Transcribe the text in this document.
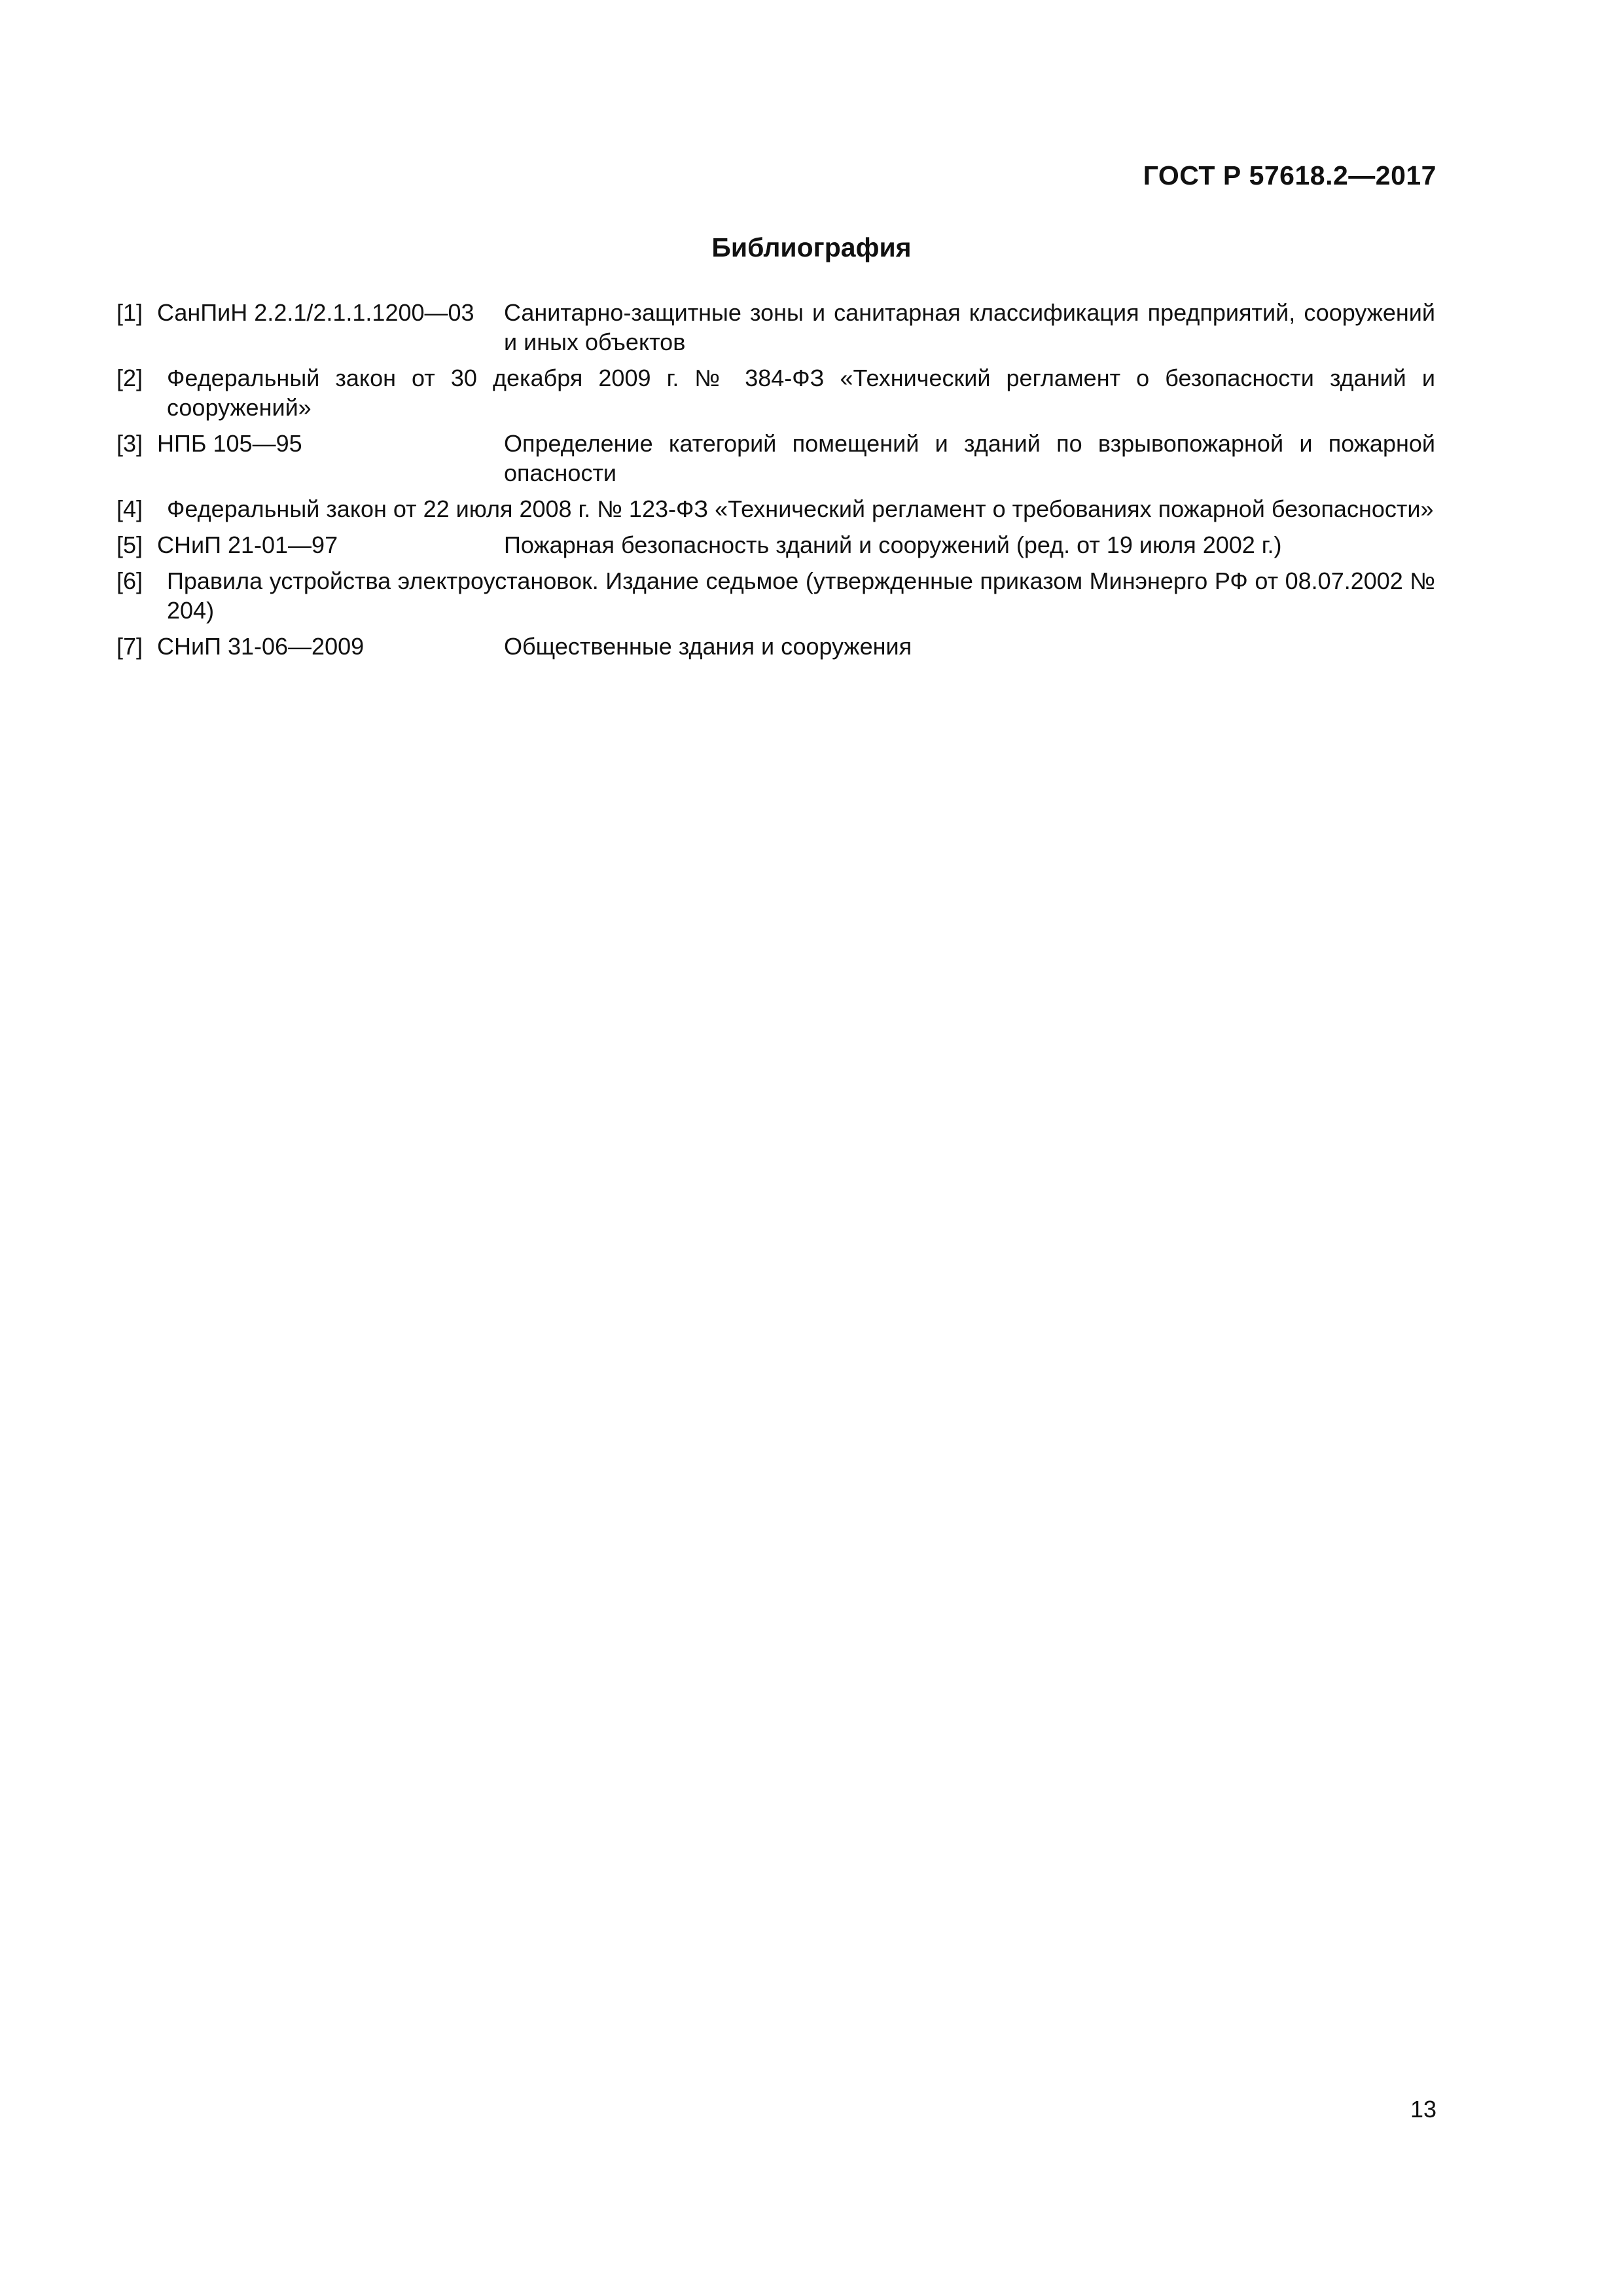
ГОСТ Р 57618.2—2017
Библиография
[1] СанПиН 2.2.1/2.1.1.1200—03 Санитарно-защитные зоны и санитарная классификация предприятий, сооружений и иных объектов
[2] Федеральный закон от 30 декабря 2009 г. № 384-ФЗ «Технический регламент о безопасности зданий и сооружений»
[3] НПБ 105—95	Определение категорий помещений и зданий по взрывопожарной и пожарной опасности
[4] Федеральный закон от 22 июля 2008 г. № 123-ФЗ «Технический регламент о требованиях пожарной безопасности»
[5] СНиП 21-01—97	Пожарная безопасность зданий и сооружений (ред. от 19 июля 2002 г.)
[6] Правила устройства электроустановок. Издание седьмое (утвержденные приказом Минэнерго РФ от 08.07.2002 № 204)
[7] СНиП 31-06—2009	Общественные здания и сооружения
13
